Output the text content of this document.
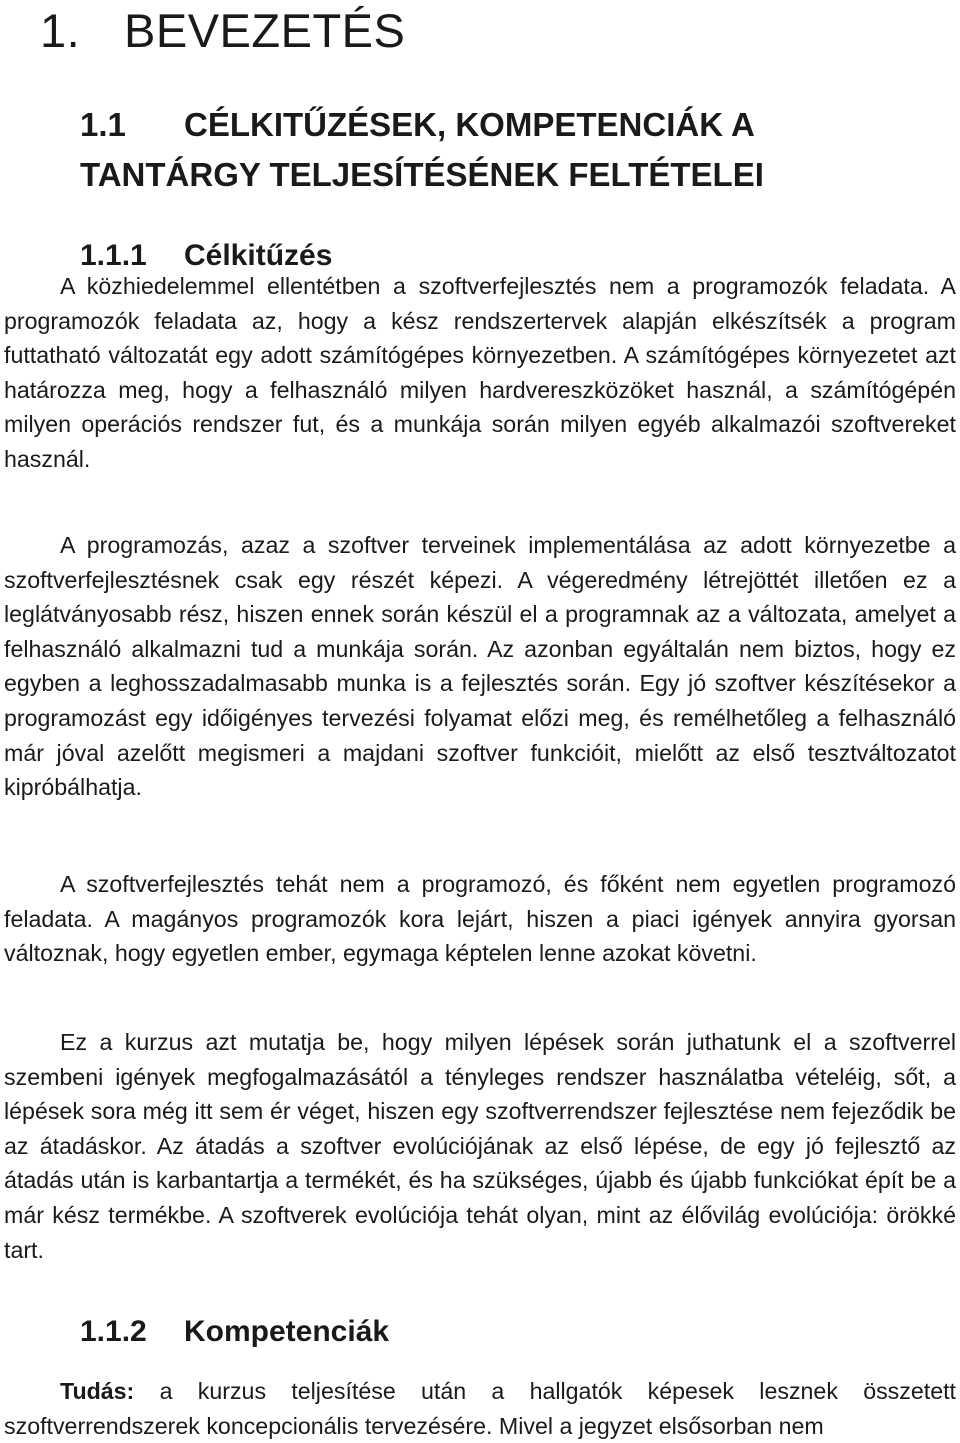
1. BEVEZETÉS
1.1 CÉLKITŰZÉSEK, KOMPETENCIÁK A TANTÁRGY TELJESÍTÉSÉNEK FELTÉTELEI
1.1.1 Célkitűzés

A közhiedelemmel ellentétben a szoftverfejlesztés nem a programozók feladata. A programozók feladata az, hogy a kész rendszertervek alapján elkészítsék a program futtatható változatát egy adott számítógépes környezetben. A számítógépes környezetet azt határozza meg, hogy a felhasználó milyen hardvereszközöket használ, a számítógépén milyen operációs rendszer fut, és a munkája során milyen egyéb alkalmazói szoftvereket használ.

A programozás, azaz a szoftver terveinek implementálása az adott környezetbe a szoftverfejlesztésnek csak egy részét képezi. A végeredmény létrejöttét illetően ez a leglátványosabb rész, hiszen ennek során készül el a programnak az a változata, amelyet a felhasználó alkalmazni tud a munkája során. Az azonban egyáltalán nem biztos, hogy ez egyben a leghosszadalmasabb munka is a fejlesztés során. Egy jó szoftver készítésekor a programozást egy időigényes tervezési folyamat előzi meg, és remélhetőleg a felhasználó már jóval azelőtt megismeri a majdani szoftver funkcióit, mielőtt az első tesztváltozatot kipróbálhatja.

A szoftverfejlesztés tehát nem a programozó, és főként nem egyetlen programozó feladata. A magányos programozók kora lejárt, hiszen a piaci igények annyira gyorsan változnak, hogy egyetlen ember, egymaga képtelen lenne azokat követni.

Ez a kurzus azt mutatja be, hogy milyen lépések során juthatunk el a szoftverrel szembeni igények megfogalmazásától a tényleges rendszer használatba vételéig, sőt, a lépések sora még itt sem ér véget, hiszen egy szoftverrendszer fejlesztése nem fejeződik be az átadáskor. Az átadás a szoftver evolúciójának az első lépése, de egy jó fejlesztő az átadás után is karbantartja a termékét, és ha szükséges, újabb és újabb funkciókat épít be a már kész termékbe. A szoftverek evolúciója tehát olyan, mint az élővilág evolúciója: örökké tart.

1.1.2 Kompetenciák

Tudás: a kurzus teljesítése után a hallgatók képesek lesznek összetett szoftverrendszerek koncepcionális tervezésére. Mivel a jegyzet elsősorban nem
